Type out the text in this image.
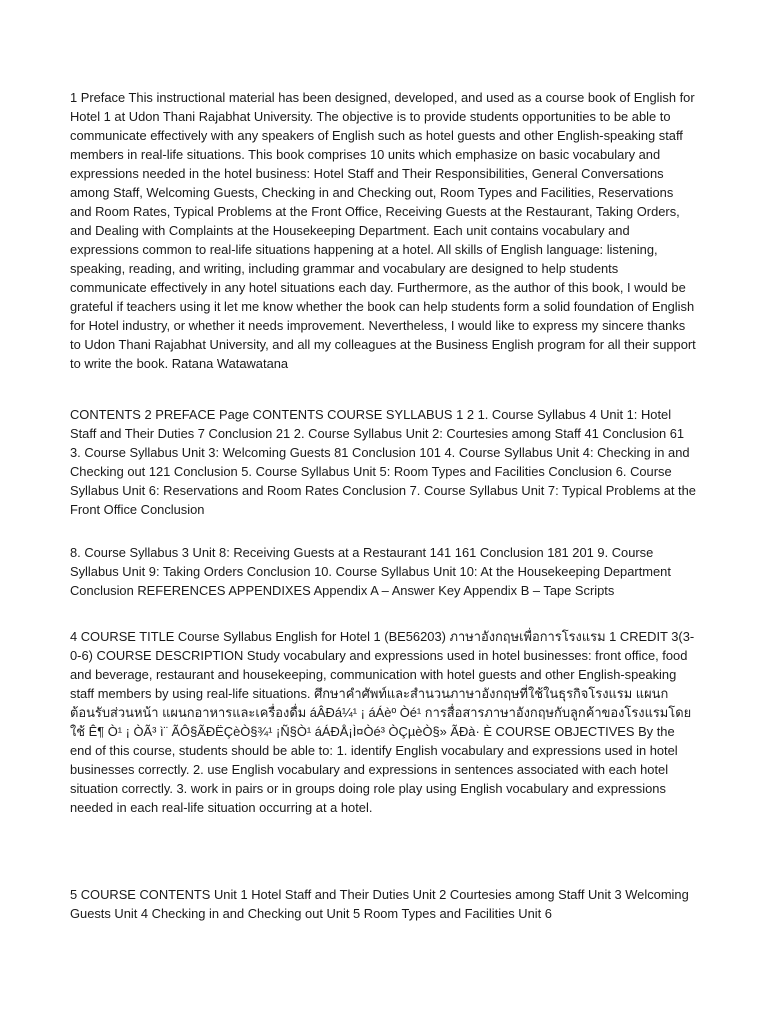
1 Preface This instructional material has been designed, developed, and used as a course book of English for Hotel 1 at Udon Thani Rajabhat University. The objective is to provide students opportunities to be able to communicate effectively with any speakers of English such as hotel guests and other English-speaking staff members in real-life situations. This book comprises 10 units which emphasize on basic vocabulary and expressions needed in the hotel business: Hotel Staff and Their Responsibilities, General Conversations among Staff, Welcoming Guests, Checking in and Checking out, Room Types and Facilities, Reservations and Room Rates, Typical Problems at the Front Office, Receiving Guests at the Restaurant, Taking Orders, and Dealing with Complaints at the Housekeeping Department. Each unit contains vocabulary and expressions common to real-life situations happening at a hotel. All skills of English language: listening, speaking, reading, and writing, including grammar and vocabulary are designed to help students communicate effectively in any hotel situations each day. Furthermore, as the author of this book, I would be grateful if teachers using it let me know whether the book can help students form a solid foundation of English for Hotel industry, or whether it needs improvement. Nevertheless, I would like to express my sincere thanks to Udon Thani Rajabhat University, and all my colleagues at the Business English program for all their support to write the book. Ratana Watawatana

CONTENTS 2 PREFACE Page CONTENTS COURSE SYLLABUS 1 2 1. Course Syllabus 4 Unit 1: Hotel Staff and Their Duties 7 Conclusion 21 2. Course Syllabus Unit 2: Courtesies among Staff 41 Conclusion 61 3. Course Syllabus Unit 3: Welcoming Guests 81 Conclusion 101 4. Course Syllabus Unit 4: Checking in and Checking out 121 Conclusion 5. Course Syllabus Unit 5: Room Types and Facilities Conclusion 6. Course Syllabus Unit 6: Reservations and Room Rates Conclusion 7. Course Syllabus Unit 7: Typical Problems at the Front Office Conclusion

8. Course Syllabus 3 Unit 8: Receiving Guests at a Restaurant 141 161 Conclusion 181 201 9. Course Syllabus Unit 9: Taking Orders Conclusion 10. Course Syllabus Unit 10: At the Housekeeping Department Conclusion REFERENCES APPENDIXES Appendix A – Answer Key Appendix B – Tape Scripts

4 COURSE TITLE Course Syllabus English for Hotel 1 (BE56203) ภาษาอังกฤษเพื่อการโรงแรม 1 CREDIT 3(3-0-6) COURSE DESCRIPTION Study vocabulary and expressions used in hotel businesses: front office, food and beverage, restaurant and housekeeping, communication with hotel guests and other English-speaking staff members by using real-life situations. ศึกษาคำศัพท์และสำนวนภาษาอังกฤษที่ใช้ในธุรกิจโรงแรม แผนกต้อนรับส่วนหน้า แผนกอาหารและเครื่องดื่ม áÂÐá¼¹ ¡ áÁèº Òé¹ การสื่อสารภาษาอังกฤษกับลูกค้าของโรงแรมโดยใช้ Ê¶ Ò¹ ¡ ÒÃ³ ì¨ ÃÔ§ÃÐËÇèÒ§¾¹ ¡Ñ§Ò¹ áÁÐÅ¡Ì¤Òé³ ÒÇµèÒ§» ÃÐà· È COURSE OBJECTIVES By the end of this course, students should be able to: 1. identify English vocabulary and expressions used in hotel businesses correctly. 2. use English vocabulary and expressions in sentences associated with each hotel situation correctly. 3. work in pairs or in groups doing role play using English vocabulary and expressions needed in each real-life situation occurring at a hotel.

5 COURSE CONTENTS Unit 1 Hotel Staff and Their Duties Unit 2 Courtesies among Staff Unit 3 Welcoming Guests Unit 4 Checking in and Checking out Unit 5 Room Types and Facilities Unit 6
